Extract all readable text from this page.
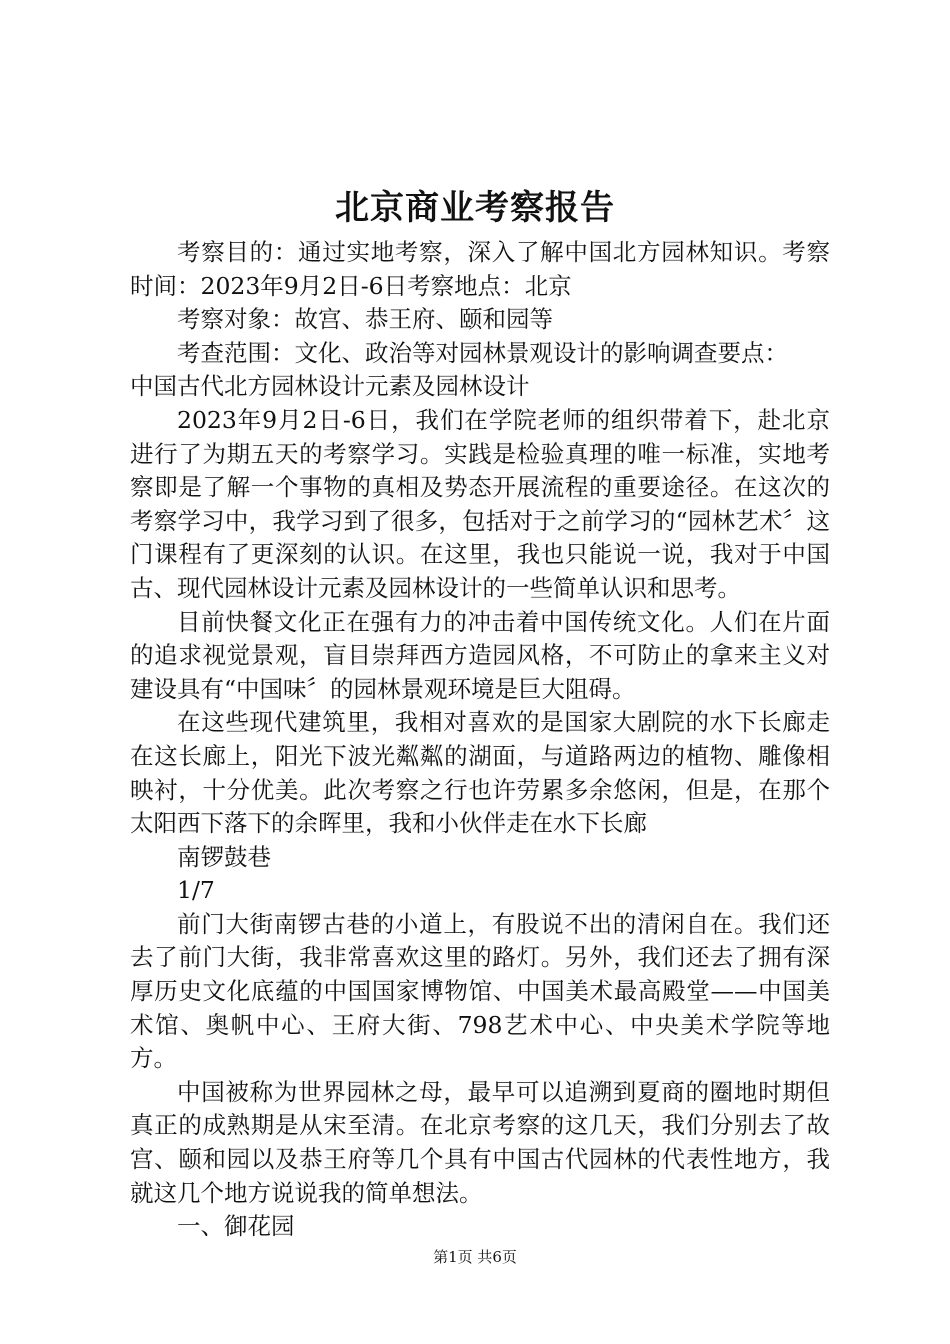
北京商业考察报告

考察目的：通过实地考察，深入了解中国北方园林知识。考察时间：2023年9月2日-6日考察地点：北京

考察对象：故宫、恭王府、颐和园等

考查范围：文化、政治等对园林景观设计的影响调查要点：

中国古代北方园林设计元素及园林设计

2023年9月2日-6日，我们在学院老师的组织带着下，赴北京进行了为期五天的考察学习。实践是检验真理的唯一标准，实地考察即是了解一个事物的真相及势态开展流程的重要途径。在这次的考察学习中，我学习到了很多，包括对于之前学习的“园林艺术〞这门课程有了更深刻的认识。在这里，我也只能说一说，我对于中国古、现代园林设计元素及园林设计的一些简单认识和思考。

目前快餐文化正在强有力的冲击着中国传统文化。人们在片面的追求视觉景观，盲目崇拜西方造园风格，不可防止的拿来主义对建设具有“中国味〞的园林景观环境是巨大阻碍。

在这些现代建筑里，我相对喜欢的是国家大剧院的水下长廊走在这长廊上，阳光下波光粼粼的湖面，与道路两边的植物、雕像相映衬，十分优美。此次考察之行也许劳累多余悠闲，但是，在那个太阳西下落下的余晖里，我和小伙伴走在水下长廊

南锣鼓巷

1/7

前门大街南锣古巷的小道上，有股说不出的清闲自在。我们还去了前门大街，我非常喜欢这里的路灯。另外，我们还去了拥有深厚历史文化底蕴的中国国家博物馆、中国美术最高殿堂——中国美术馆、奥帆中心、王府大街、798艺术中心、中央美术学院等地方。

中国被称为世界园林之母，最早可以追溯到夏商的圈地时期但真正的成熟期是从宋至清。在北京考察的这几天，我们分别去了故宫、颐和园以及恭王府等几个具有中国古代园林的代表性地方，我就这几个地方说说我的简单想法。

一、御花园

第1页 共6页
